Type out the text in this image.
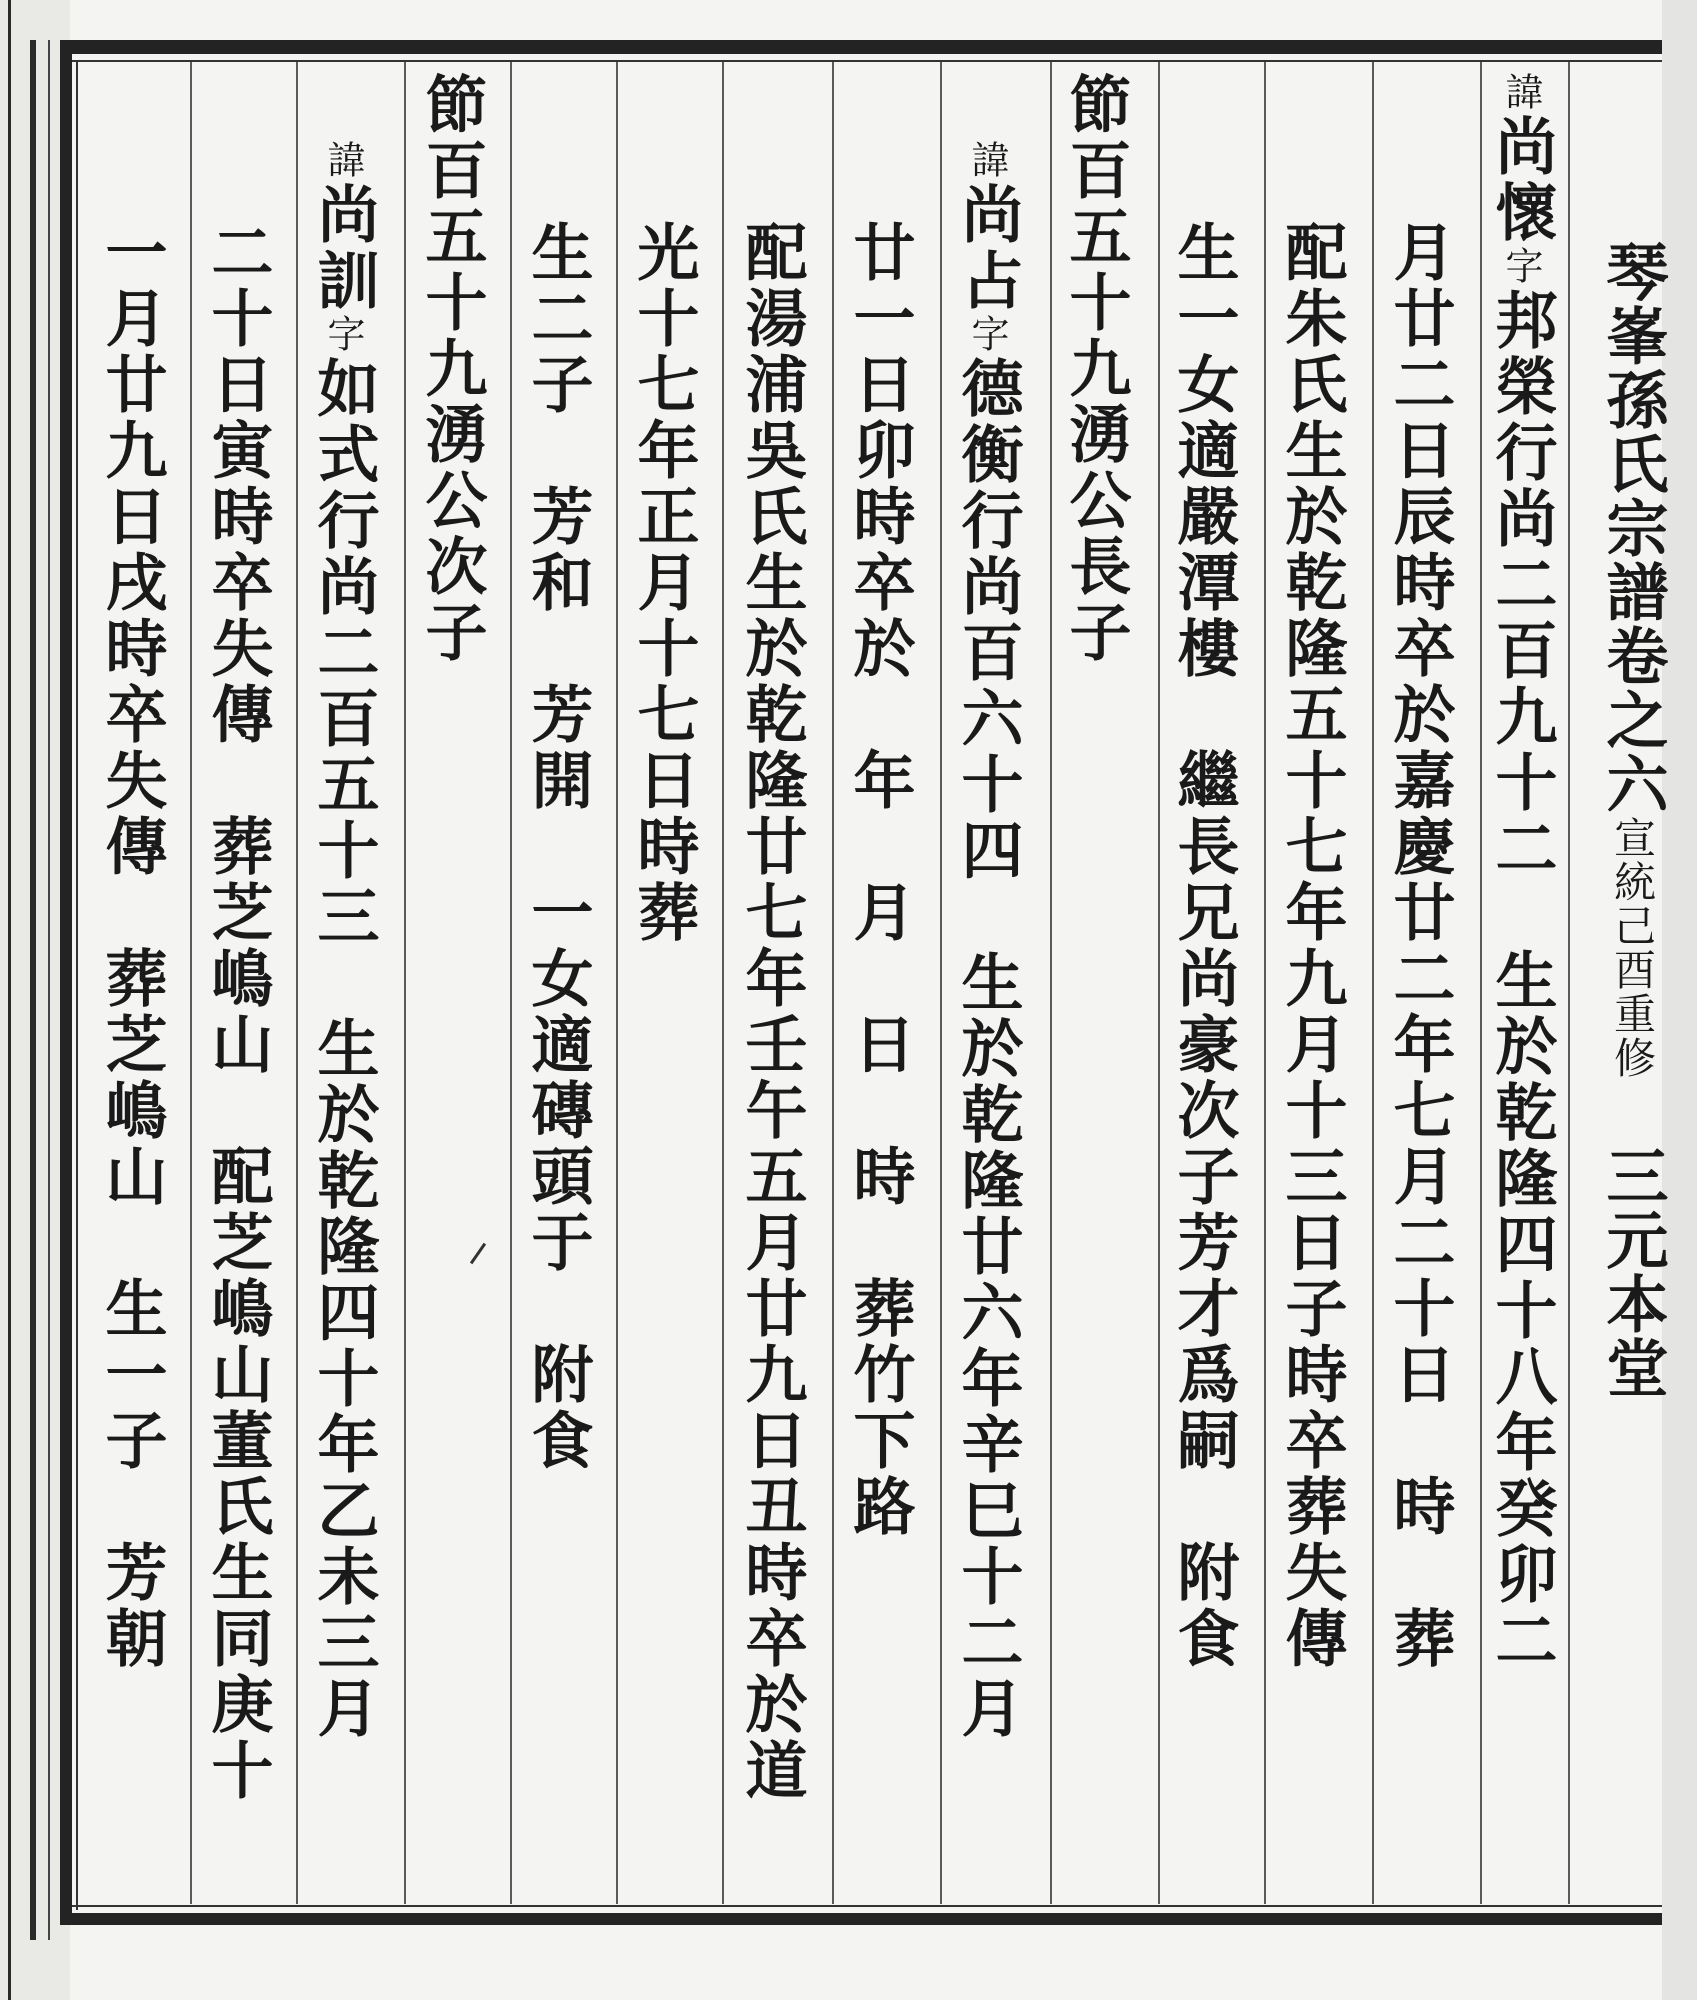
琴峯孫氏宗譜卷之六宣統己酉重修　三元本堂

諱尚懷字邦榮行尚二百九十二　生於乾隆四十八年癸卯二
月廿二日辰時卒於嘉慶廿二年七月二十日　時　葬
配朱氏生於乾隆五十七年九月十三日子時卒葬失傳
生一女適嚴潭樓　繼長兄尚豪次子芳才爲嗣　附食
節百五十九湧公長子
諱尚占字德衡行尚百六十四　生於乾隆廿六年辛巳十二月
廿一日卯時卒於　年　月　日　時　葬竹下路
配湯浦吳氏生於乾隆廿七年壬午五月廿九日丑時卒於道
光十七年正月十七日時葬
生二子　芳和　芳開　一女適磚頭于　附食
節百五十九湧公次子
諱尚訓字如式行尚二百五十三　生於乾隆四十年乙未三月
二十日寅時卒失傳　葬芝嶋山　配芝嶋山董氏生同庚十
一月廿九日戌時卒失傳　葬芝嶋山　生一子　芳朝
